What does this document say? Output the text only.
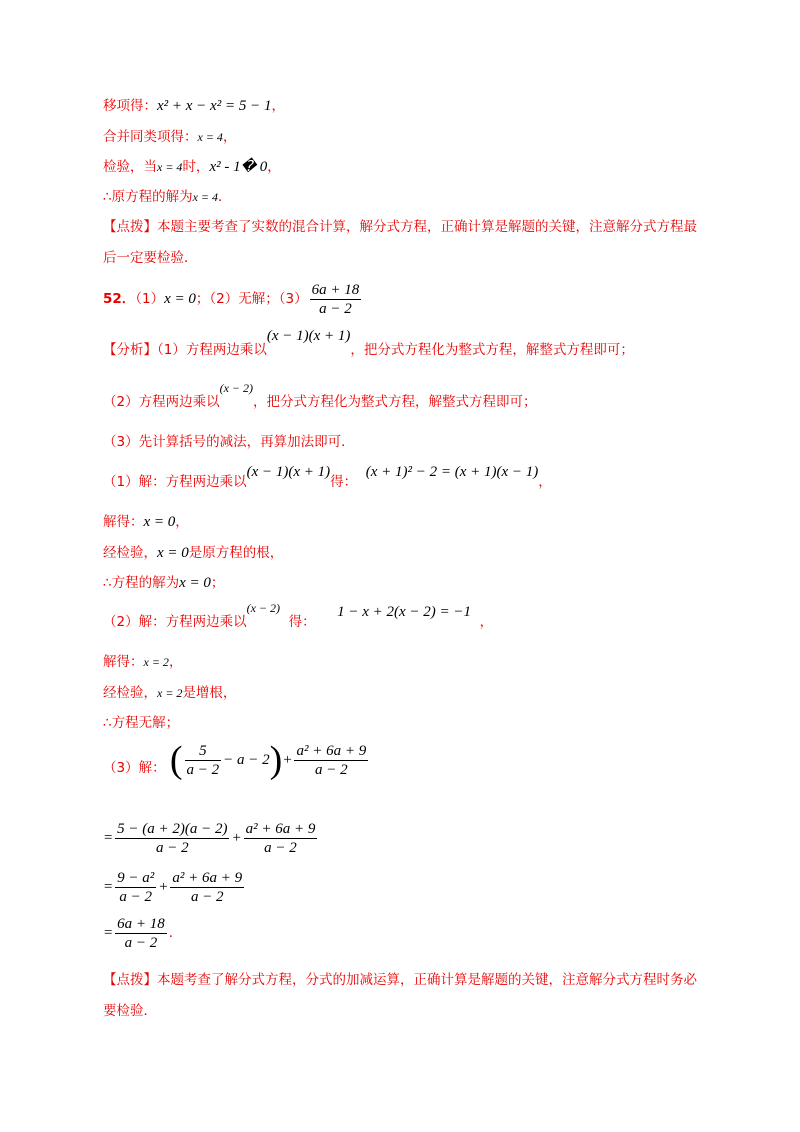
移项得：x² + x − x² = 5 − 1，
合并同类项得：x = 4，
检验，当x = 4时，x² - 1� 0，
∴原方程的解为x = 4．
【点拨】本题主要考查了实数的混合计算，解分式方程，正确计算是解题的关键，注意解分式方程最
后一定要检验．
52．（1）x = 0；（2）无解；$(3) \frac{6a + 18}{a - 2}$
【分析】（1）方程两边乘以(x − 1)(x + 1)，把分式方程化为整式方程，解整式方程即可；
（2）方程两边乘以(x − 2)，把分式方程化为整式方程，解整式方程即可；
（3）先计算括号的减法，再算加法即可．
（1）解：方程两边乘以(x − 1)(x + 1)得：  (x + 1)² − 2 = (x + 1)(x − 1)，
解得：x = 0，
经检验，x = 0是原方程的根，
∴方程的解为x = 0；
（2）解：方程两边乘以(x − 2)  得：     1 − x + 2(x − 2) = −1  ，
解得：x = 2，
经检验，x = 2是增根，
∴方程无解；
（3）解： ( $\frac{5}{a - 2} - a - 2)+ \frac{\text{a² + 6a + 9}}{a - 2}$
= $\frac{5 - (a + 2)(a - 2)}{a - 2} + \frac{\text{a² + 6a + 9}}{a - 2}$
= $\frac{\text{9 − a²}}{a - 2} + \frac{\text{a² + 6a + 9}}{a - 2}$
= $\frac{6a + 18}{a - 2}$ ．
【点拨】本题考查了解分式方程，分式的加减运算，正确计算是解题的关键，注意解分式方程时务必
要检验．
